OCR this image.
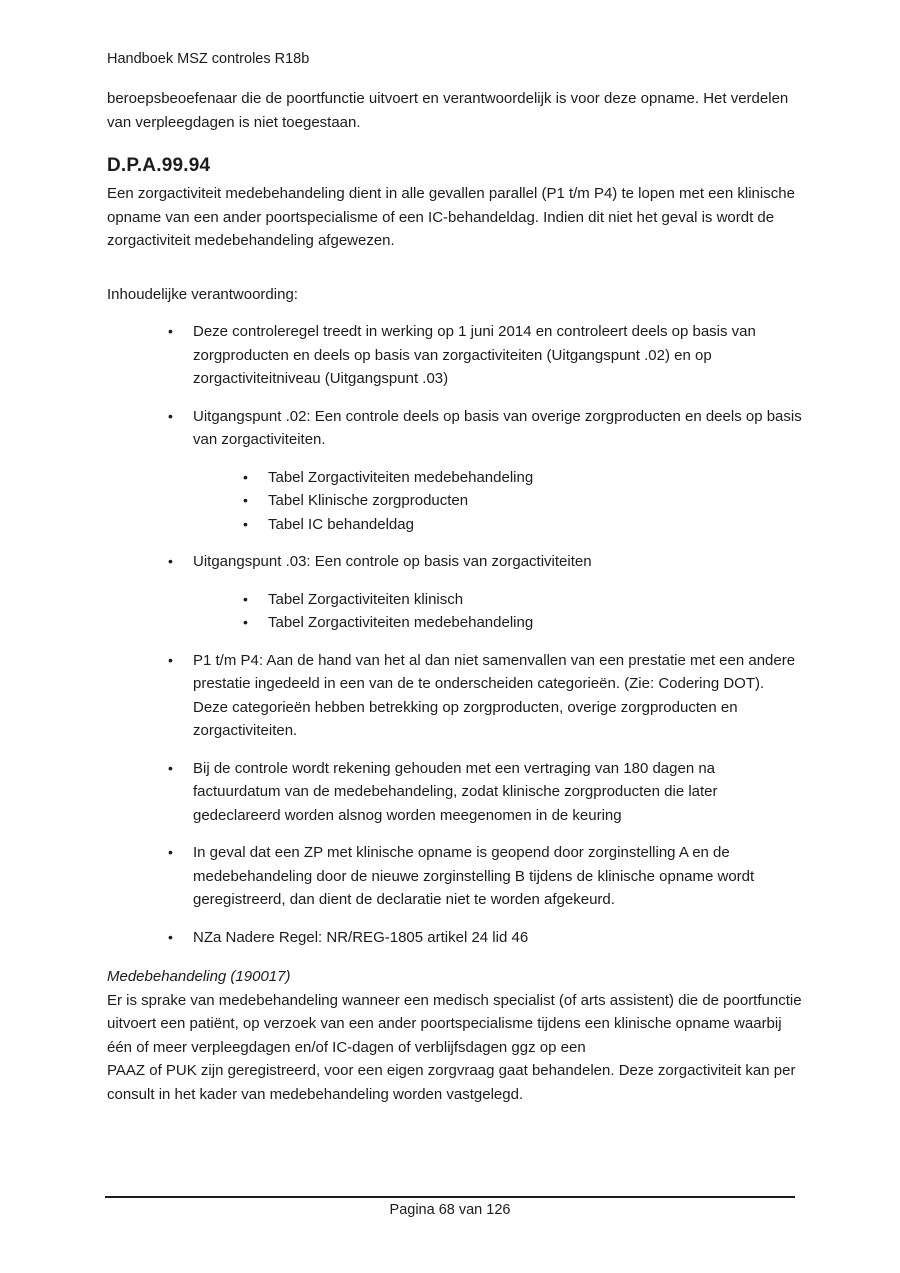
Handboek MSZ controles R18b

beroepsbeoefenaar die de poortfunctie uitvoert en verantwoordelijk is voor deze opname. Het verdelen van verpleegdagen is niet toegestaan.

D.P.A.99.94

Een zorgactiviteit medebehandeling dient in alle gevallen parallel (P1 t/m P4) te lopen met een klinische opname van een ander poortspecialisme of een IC-behandeldag. Indien dit niet het geval is wordt de zorgactiviteit medebehandeling afgewezen.

Inhoudelijke verantwoording:

•	Deze controleregel treedt in werking op 1 juni 2014 en controleert deels op basis van zorgproducten en deels op basis van zorgactiviteiten (Uitgangspunt .02) en op zorgactiviteitniveau (Uitgangspunt .03)
•	Uitgangspunt .02: Een controle deels op basis van overige zorgproducten en deels op basis van zorgactiviteiten.
•	Tabel Zorgactiviteiten medebehandeling
•	Tabel Klinische zorgproducten
•	Tabel IC behandeldag
•	Uitgangspunt .03: Een controle op basis van zorgactiviteiten
•	Tabel Zorgactiviteiten klinisch
•	Tabel Zorgactiviteiten medebehandeling
•	P1 t/m P4: Aan de hand van het al dan niet samenvallen van een prestatie met een andere prestatie ingedeeld in een van de te onderscheiden categorieën. (Zie: Codering DOT). Deze categorieën hebben betrekking op zorgproducten, overige zorgproducten en zorgactiviteiten.
•	Bij de controle wordt rekening gehouden met een vertraging van 180 dagen na factuurdatum van de medebehandeling, zodat klinische zorgproducten die later gedeclareerd worden alsnog worden meegenomen in de keuring
•	In geval dat een ZP met klinische opname is geopend door zorginstelling A en de medebehandeling door de nieuwe zorginstelling B tijdens de klinische opname wordt geregistreerd, dan dient de declaratie niet te worden afgekeurd.
•	NZa Nadere Regel: NR/REG-1805 artikel 24 lid 46

Medebehandeling (190017)

Er is sprake van medebehandeling wanneer een medisch specialist (of arts assistent) die de poortfunctie uitvoert een patiënt, op verzoek van een ander poortspecialisme tijdens een klinische opname waarbij één of meer verpleegdagen en/of IC-dagen of verblijfsdagen ggz op een
PAAZ of PUK zijn geregistreerd, voor een eigen zorgvraag gaat behandelen. Deze zorgactiviteit kan per consult in het kader van medebehandeling worden vastgelegd.

Pagina 68 van 126
